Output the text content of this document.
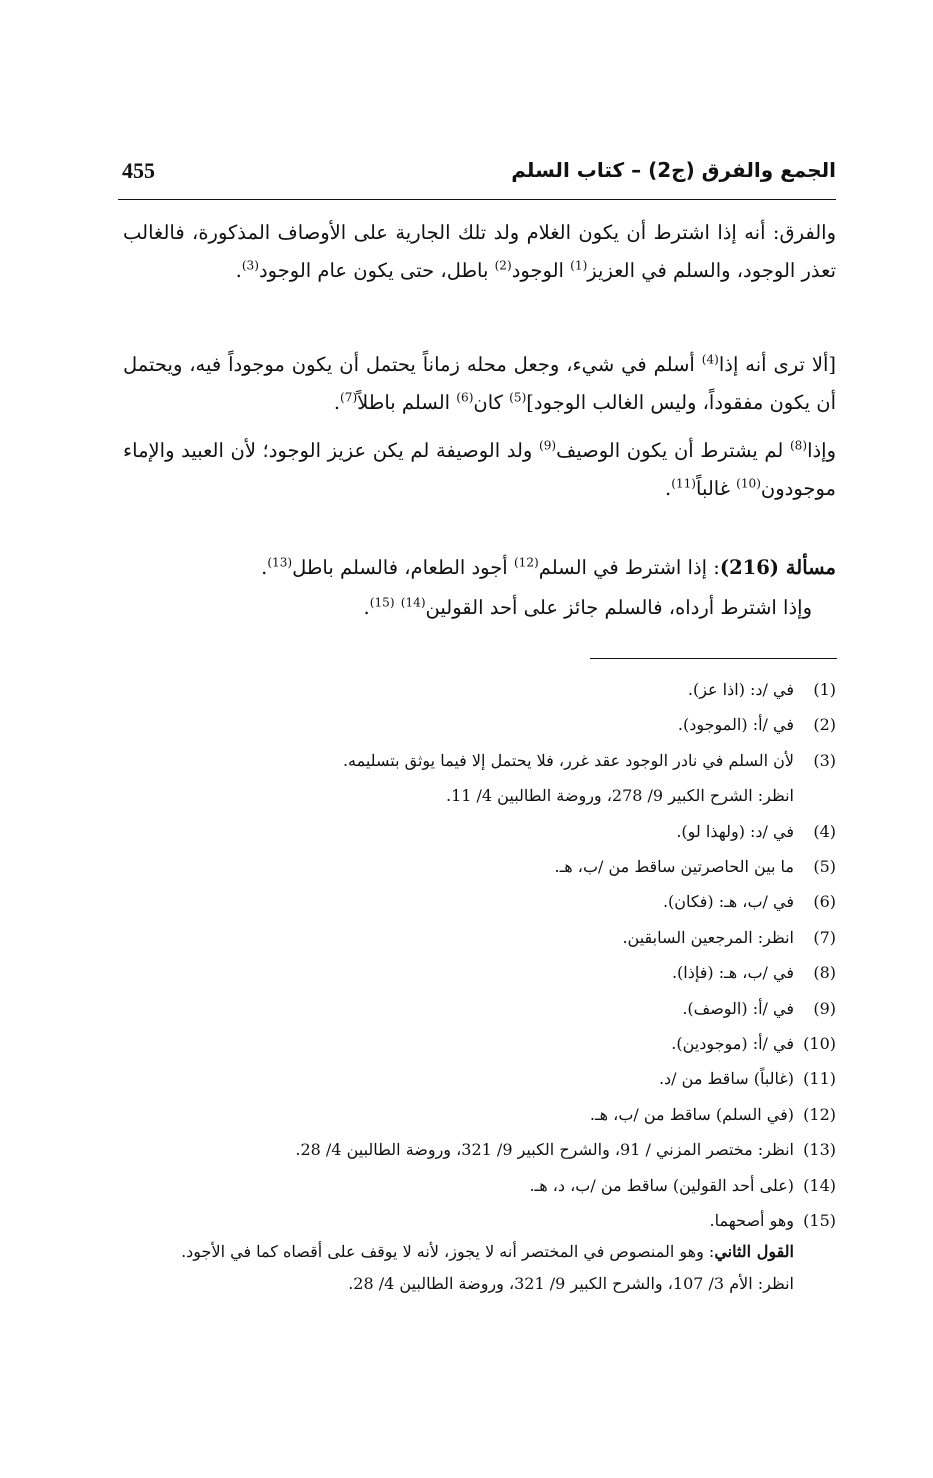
الجمع والفرق (ج2) – كتاب السلم
455

والفرق: أنه إذا اشترط أن يكون الغلام ولد تلك الجارية على الأوصاف المذكورة، فالغالب تعذر الوجود، والسلم في العزيز$^{(1)}$ الوجود$^{(2)}$ باطل، حتى يكون عام الوجود$^{(3)}$.

[ألا ترى أنه إذا$^{(4)}$ أسلم في شيء، وجعل محله زماناً يحتمل أن يكون موجوداً فيه، ويحتمل أن يكون مفقوداً، وليس الغالب الوجود]$^{(5)}$ كان$^{(6)}$ السلم باطلاً$^{(7)}$.

وإذا$^{(8)}$ لم يشترط أن يكون الوصيف$^{(9)}$ ولد الوصيفة لم يكن عزيز الوجود؛ لأن العبيد والإماء موجودون$^{(10)}$ غالباً$^{(11)}$.

مسألة (216): إذا اشترط في السلم$^{(12)}$ أجود الطعام، فالسلم باطل$^{(13)}$.
وإذا اشترط أرداه، فالسلم جائز على أحد القولين$^{(14)}$ $^{(15)}$.
(1)
في /د: (اذا عز).
(2)
في /أ: (الموجود).
(3)
لأن السلم في نادر الوجود عقد غرر، فلا يحتمل إلا فيما يوثق بتسليمه.
انظر: الشرح الكبير 9/ 278، وروضة الطالبين 4/ 11.
(4)
في /د: (ولهذا لو).
(5)
ما بين الحاصرتين ساقط من /ب، هـ.
(6)
في /ب، هـ: (فكان).
(7)
انظر: المرجعين السابقين.
(8)
في /ب، هـ: (فإذا).
(9)
في /أ: (الوصف).
(10)
في /أ: (موجودين).
(11)
(غالباً) ساقط من /د.
(12)
(في السلم) ساقط من /ب، هـ.
(13)
انظر: مختصر المزني / 91، والشرح الكبير 9/ 321، وروضة الطالبين 4/ 28.
(14)
(على أحد القولين) ساقط من /ب، د، هـ.
(15)
وهو أصحهما.
القول الثاني: وهو المنصوص في المختصر أنه لا يجوز، لأنه لا يوقف على أقصاه كما في الأجود.
انظر: الأم 3/ 107، والشرح الكبير 9/ 321، وروضة الطالبين 4/ 28.
